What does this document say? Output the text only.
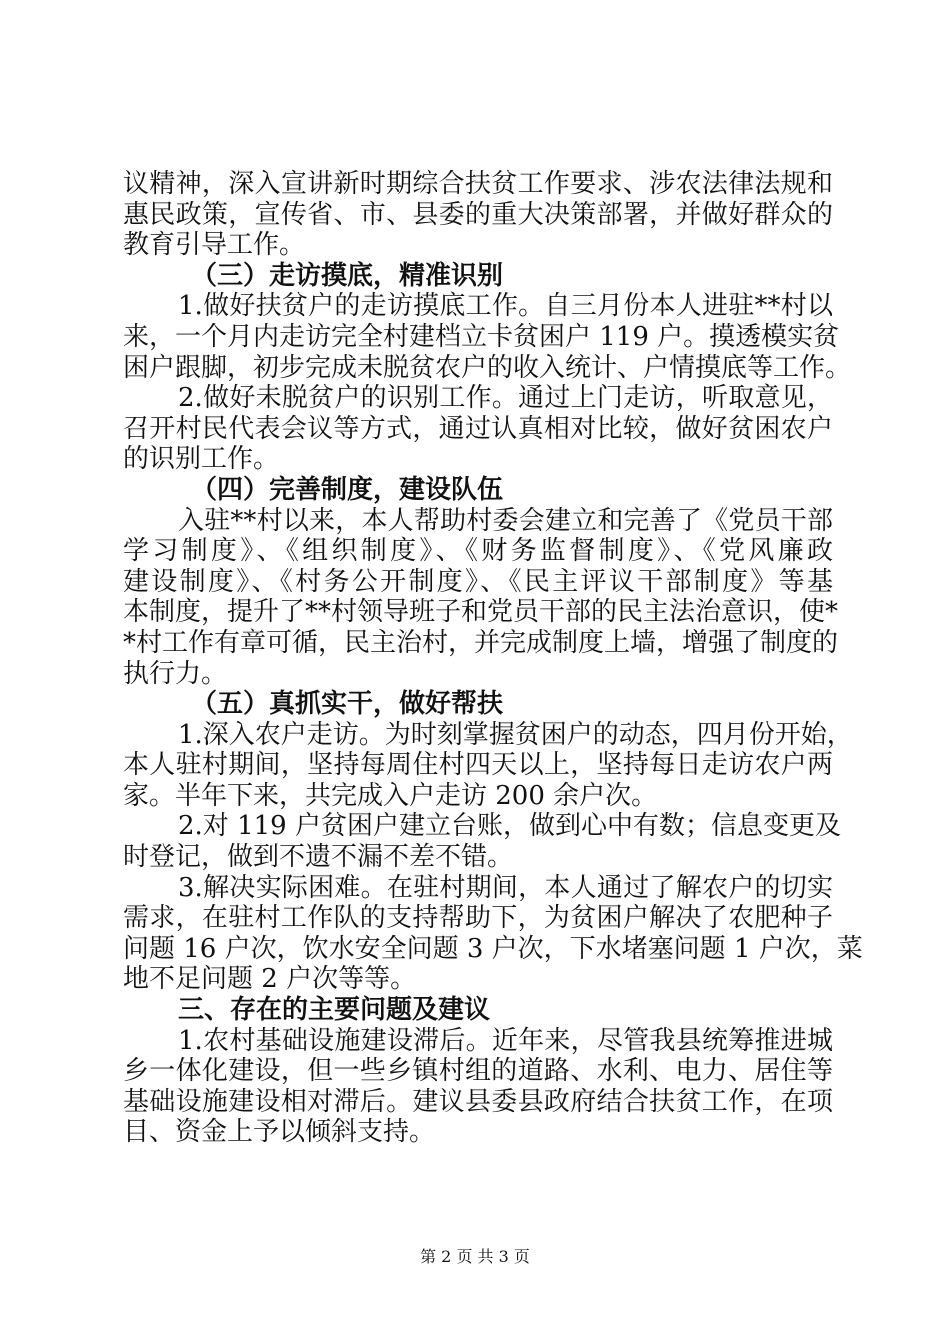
议精神，深入宣讲新时期综合扶贫工作要求、涉农法律法规和
惠民政策，宣传省、市、县委的重大决策部署，并做好群众的
教育引导工作。
（三）走访摸底，精准识别
1.做好扶贫户的走访摸底工作。自三月份本人进驻**村以
来，一个月内走访完全村建档立卡贫困户 119 户。摸透模实贫
困户跟脚，初步完成未脱贫农户的收入统计、户情摸底等工作。
2.做好未脱贫户的识别工作。通过上门走访，听取意见，
召开村民代表会议等方式，通过认真相对比较，做好贫困农户
的识别工作。
（四）完善制度，建设队伍
入驻**村以来，本人帮助村委会建立和完善了《党员干部
学习制度》、《组织制度》、《财务监督制度》、《党风廉政
建设制度》、《村务公开制度》、《民主评议干部制度》等基
本制度，提升了**村领导班子和党员干部的民主法治意识，使*
*村工作有章可循，民主治村，并完成制度上墙，增强了制度的
执行力。
（五）真抓实干，做好帮扶
1.深入农户走访。为时刻掌握贫困户的动态，四月份开始，
本人驻村期间，坚持每周住村四天以上，坚持每日走访农户两
家。半年下来，共完成入户走访 200 余户次。
2.对 119 户贫困户建立台账，做到心中有数；信息变更及
时登记，做到不遗不漏不差不错。
3.解决实际困难。在驻村期间，本人通过了解农户的切实
需求，在驻村工作队的支持帮助下，为贫困户解决了农肥种子
问题 16 户次，饮水安全问题 3 户次，下水堵塞问题 1 户次，菜
地不足问题 2 户次等等。
三、存在的主要问题及建议
1.农村基础设施建设滞后。近年来，尽管我县统筹推进城
乡一体化建设，但一些乡镇村组的道路、水利、电力、居住等
基础设施建设相对滞后。建议县委县政府结合扶贫工作，在项
目、资金上予以倾斜支持。
第 2 页 共 3 页
